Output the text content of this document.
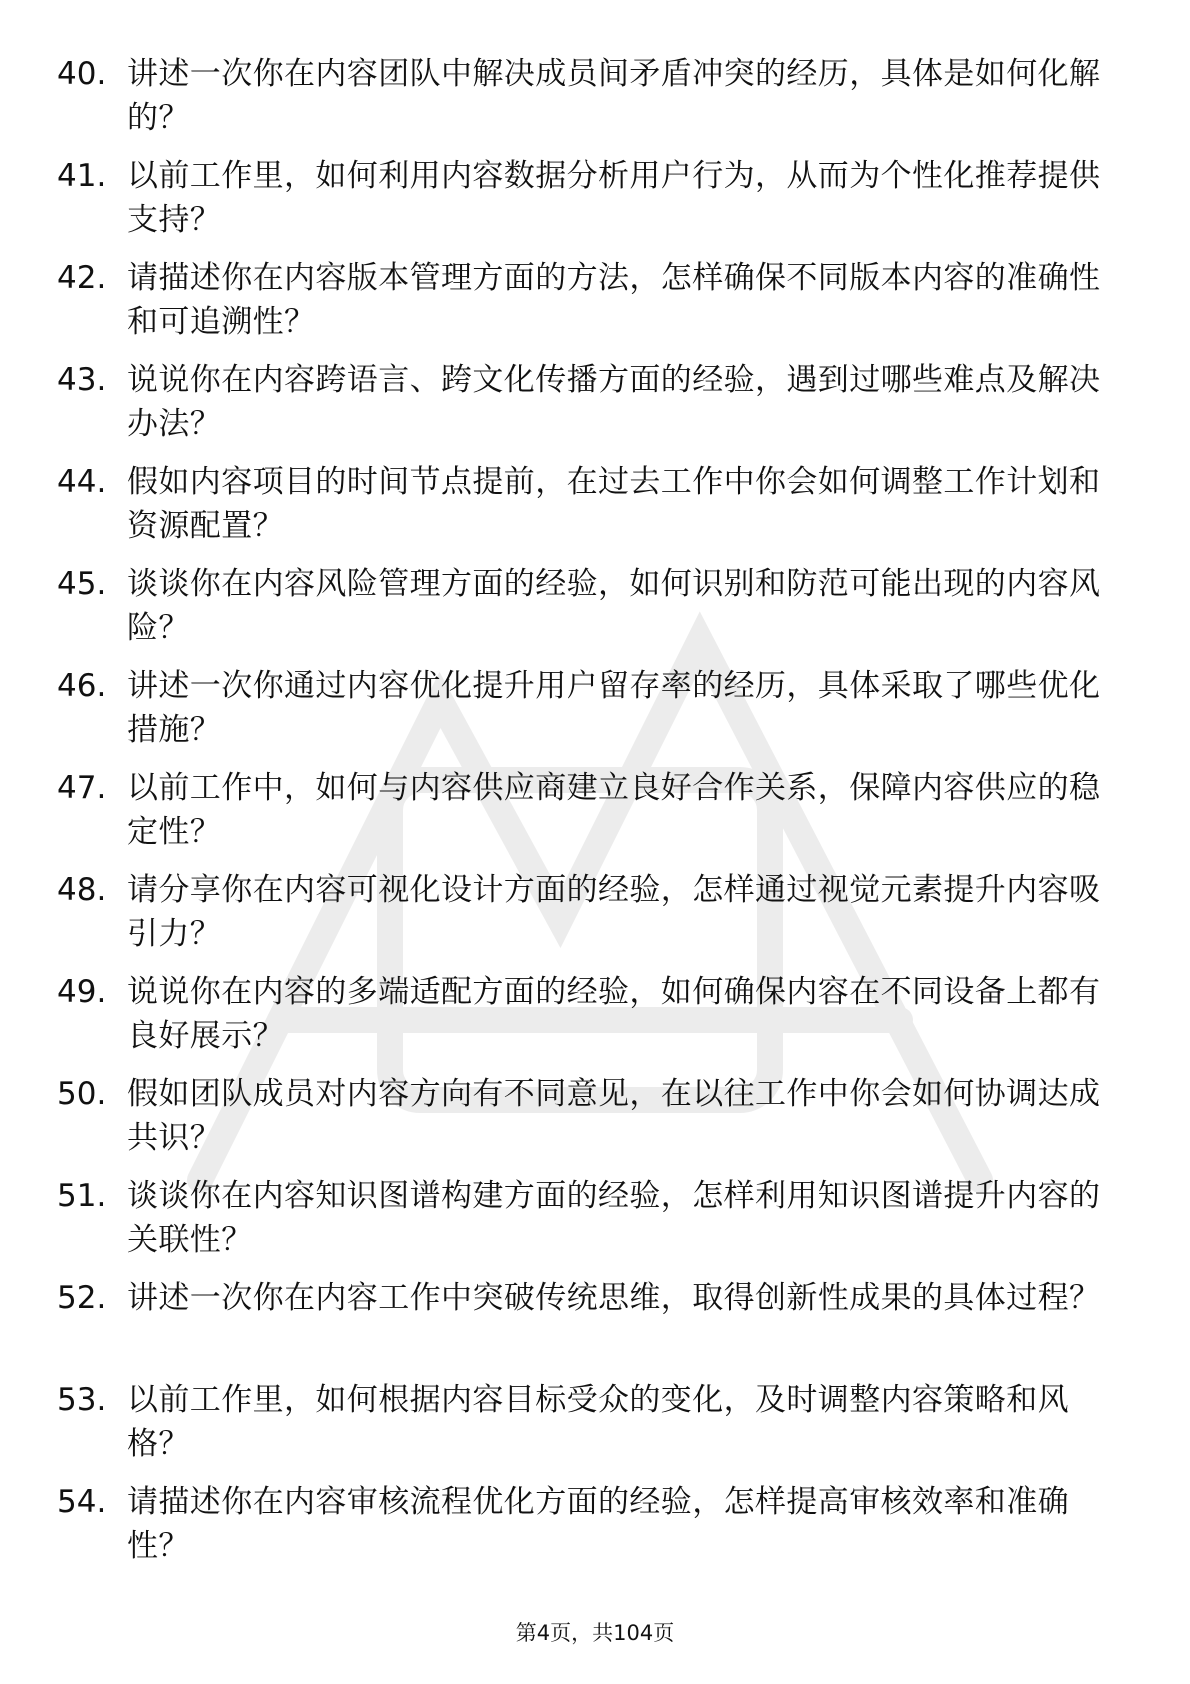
40. 讲述一次你在内容团队中解决成员间矛盾冲突的经历，具体是如何化解的？
41. 以前工作里，如何利用内容数据分析用户行为，从而为个性化推荐提供支持？
42. 请描述你在内容版本管理方面的方法，怎样确保不同版本内容的准确性和可追溯性？
43. 说说你在内容跨语言、跨文化传播方面的经验，遇到过哪些难点及解决办法？
44. 假如内容项目的时间节点提前，在过去工作中你会如何调整工作计划和资源配置？
45. 谈谈你在内容风险管理方面的经验，如何识别和防范可能出现的内容风险？
46. 讲述一次你通过内容优化提升用户留存率的经历，具体采取了哪些优化措施？
47. 以前工作中，如何与内容供应商建立良好合作关系，保障内容供应的稳定性？
48. 请分享你在内容可视化设计方面的经验，怎样通过视觉元素提升内容吸引力？
49. 说说你在内容的多端适配方面的经验，如何确保内容在不同设备上都有良好展示？
50. 假如团队成员对内容方向有不同意见，在以往工作中你会如何协调达成共识？
51. 谈谈你在内容知识图谱构建方面的经验，怎样利用知识图谱提升内容的关联性？
52. 讲述一次你在内容工作中突破传统思维，取得创新性成果的具体过程？
53. 以前工作里，如何根据内容目标受众的变化，及时调整内容策略和风格？
54. 请描述你在内容审核流程优化方面的经验，怎样提高审核效率和准确性？
第4页，共104页
